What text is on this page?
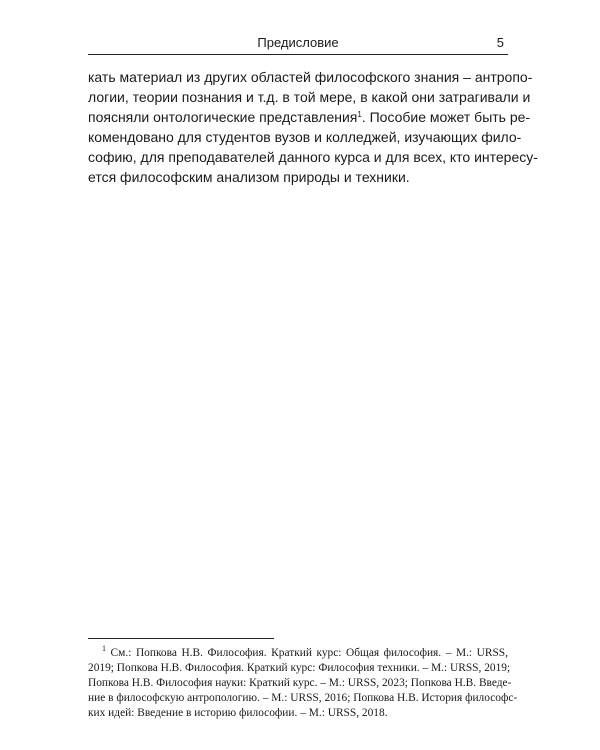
Предисловие	5
кать материал из других областей философского знания – антропо-
логии, теории познания и т.д. в той мере, в какой они затрагивали и
поясняли онтологические представления$^1$. Пособие может быть ре-
комендовано для студентов вузов и колледжей, изучающих фило-
софию, для преподавателей данного курса и для всех, кто интересу-
ется философским анализом природы и техники.
$^1$ См.: Попкова Н.В. Философия. Краткий курс: Общая философия. – М.: URSS,
2019; Попкова Н.В. Философия. Краткий курс: Философия техники. – М.: URSS, 2019;
Попкова Н.В. Философия науки: Краткий курс. – М.: URSS, 2023; Попкова Н.В. Введе-
ние в философскую антропологию. – М.: URSS, 2016; Попкова Н.В. История философс-
ких идей: Введение в историю философии. – М.: URSS, 2018.
